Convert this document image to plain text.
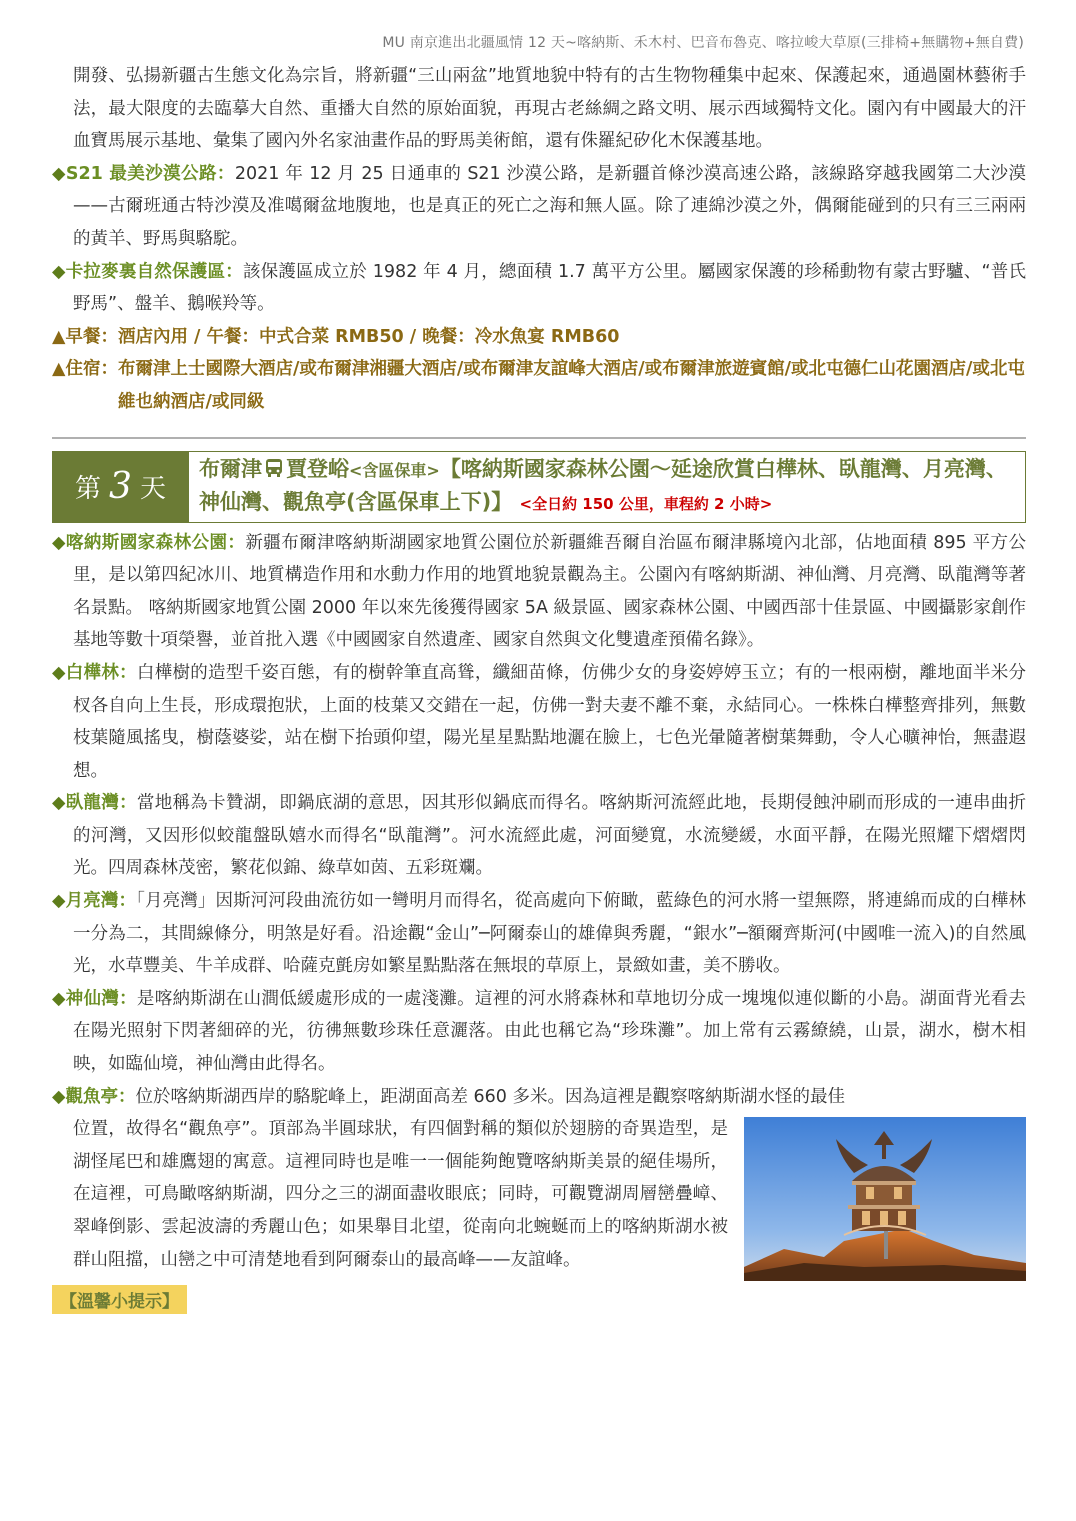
MU 南京進出北疆風情 12 天~喀納斯、禾木村、巴音布魯克、喀拉峻大草原(三排椅+無購物+無自費)

開發、弘揚新疆古生態文化為宗旨，將新疆“三山兩盆”地質地貌中特有的古生物物種集中起來、保護起來，通過園林藝術手法，最大限度的去臨摹大自然、重播大自然的原始面貌，再現古老絲綢之路文明、展示西域獨特文化。園內有中國最大的汗血寶馬展示基地、彙集了國內外名家油畫作品的野馬美術館，還有侏羅紀矽化木保護基地。

◆S21 最美沙漠公路：2021 年 12 月 25 日通車的 S21 沙漠公路，是新疆首條沙漠高速公路，該線路穿越我國第二大沙漠——古爾班通古特沙漠及准噶爾盆地腹地，也是真正的死亡之海和無人區。除了連綿沙漠之外，偶爾能碰到的只有三三兩兩的黃羊、野馬與駱駝。

◆卡拉麥裏自然保護區：該保護區成立於 1982 年 4 月，總面積 1.7 萬平方公里。屬國家保護的珍稀動物有蒙古野驢、“普氏野馬”、盤羊、鵝喉羚等。

▲早餐： 酒店內用 / 午餐：中式合菜 RMB50 / 晚餐：冷水魚宴 RMB60
▲住宿： 布爾津上士國際大酒店/或布爾津湘疆大酒店/或布爾津友誼峰大酒店/或布爾津旅遊賓館/或北屯德仁山花園酒店/或北屯維也納酒店/或同級
第 3 天
布爾津 賈登峪<含區保車>【喀納斯國家森林公園～延途欣賞白樺林、臥龍灣、月亮灣、神仙灣、觀魚亭(含區保車上下)】 <全日約 150 公里，車程約 2 小時>

◆喀納斯國家森林公園：新疆布爾津喀納斯湖國家地質公園位於新疆維吾爾自治區布爾津縣境內北部，佔地面積 895 平方公里，是以第四紀冰川、地質構造作用和水動力作用的地質地貌景觀為主。公園內有喀納斯湖、神仙灣、月亮灣、臥龍灣等著名景點。 喀納斯國家地質公園 2000 年以來先後獲得國家 5A 級景區、國家森林公園、中國西部十佳景區、中國攝影家創作基地等數十項榮譽，並首批入選《中國國家自然遺產、國家自然與文化雙遺產預備名錄》。

◆白樺林：白樺樹的造型千姿百態，有的樹幹筆直高聳，纖細苗條，仿佛少女的身姿婷婷玉立；有的一根兩樹，離地面半米分杈各自向上生長，形成環抱狀，上面的枝葉又交錯在一起，仿佛一對夫妻不離不棄，永結同心。一株株白樺整齊排列，無數枝葉隨風搖曳，樹蔭婆娑，站在樹下抬頭仰望，陽光星星點點地灑在臉上，七色光暈隨著樹葉舞動，令人心曠神怡，無盡遐想。

◆臥龍灣：當地稱為卡贊湖，即鍋底湖的意思，因其形似鍋底而得名。喀納斯河流經此地，長期侵蝕沖刷而形成的一連串曲折的河灣，又因形似蛟龍盤臥嬉水而得名“臥龍灣”。河水流經此處，河面變寬，水流變緩，水面平靜，在陽光照耀下熠熠閃光。四周森林茂密，繁花似錦、綠草如茵、五彩斑斕。

◆月亮灣：「月亮灣」因斯河河段曲流彷如一彎明月而得名，從高處向下俯瞰，藍綠色的河水將一望無際，將連綿而成的白樺林一分為二，其間線條分，明煞是好看。沿途觀“金山”─阿爾泰山的雄偉與秀麗，“銀水”─額爾齊斯河(中國唯一流入)的自然風光，水草豐美、牛羊成群、哈薩克氈房如繁星點點落在無垠的草原上，景緻如畫，美不勝收。

◆神仙灣：是喀納斯湖在山澗低緩處形成的一處淺灘。這裡的河水將森林和草地切分成一塊塊似連似斷的小島。湖面背光看去在陽光照射下閃著細碎的光，彷彿無數珍珠任意灑落。由此也稱它為“珍珠灘”。加上常有云霧繚繞，山景，湖水，樹木相映，如臨仙境，神仙灣由此得名。

◆觀魚亭：位於喀納斯湖西岸的駱駝峰上，距湖面高差 660 多米。因為這裡是觀察喀納斯湖水怪的最佳

位置，故得名“觀魚亭”。頂部為半圓球狀，有四個對稱的類似於翅膀的奇異造型，是湖怪尾巴和雄鷹翅的寓意。這裡同時也是唯一一個能夠飽覽喀納斯美景的絕佳場所，在這裡，可鳥瞰喀納斯湖，四分之三的湖面盡收眼底；同時，可觀覽湖周層巒疊嶂、翠峰倒影、雲起波濤的秀麗山色；如果舉目北望，從南向北蜿蜒而上的喀納斯湖水被群山阻擋，山巒之中可清楚地看到阿爾泰山的最高峰——友誼峰。

【溫馨小提示】
